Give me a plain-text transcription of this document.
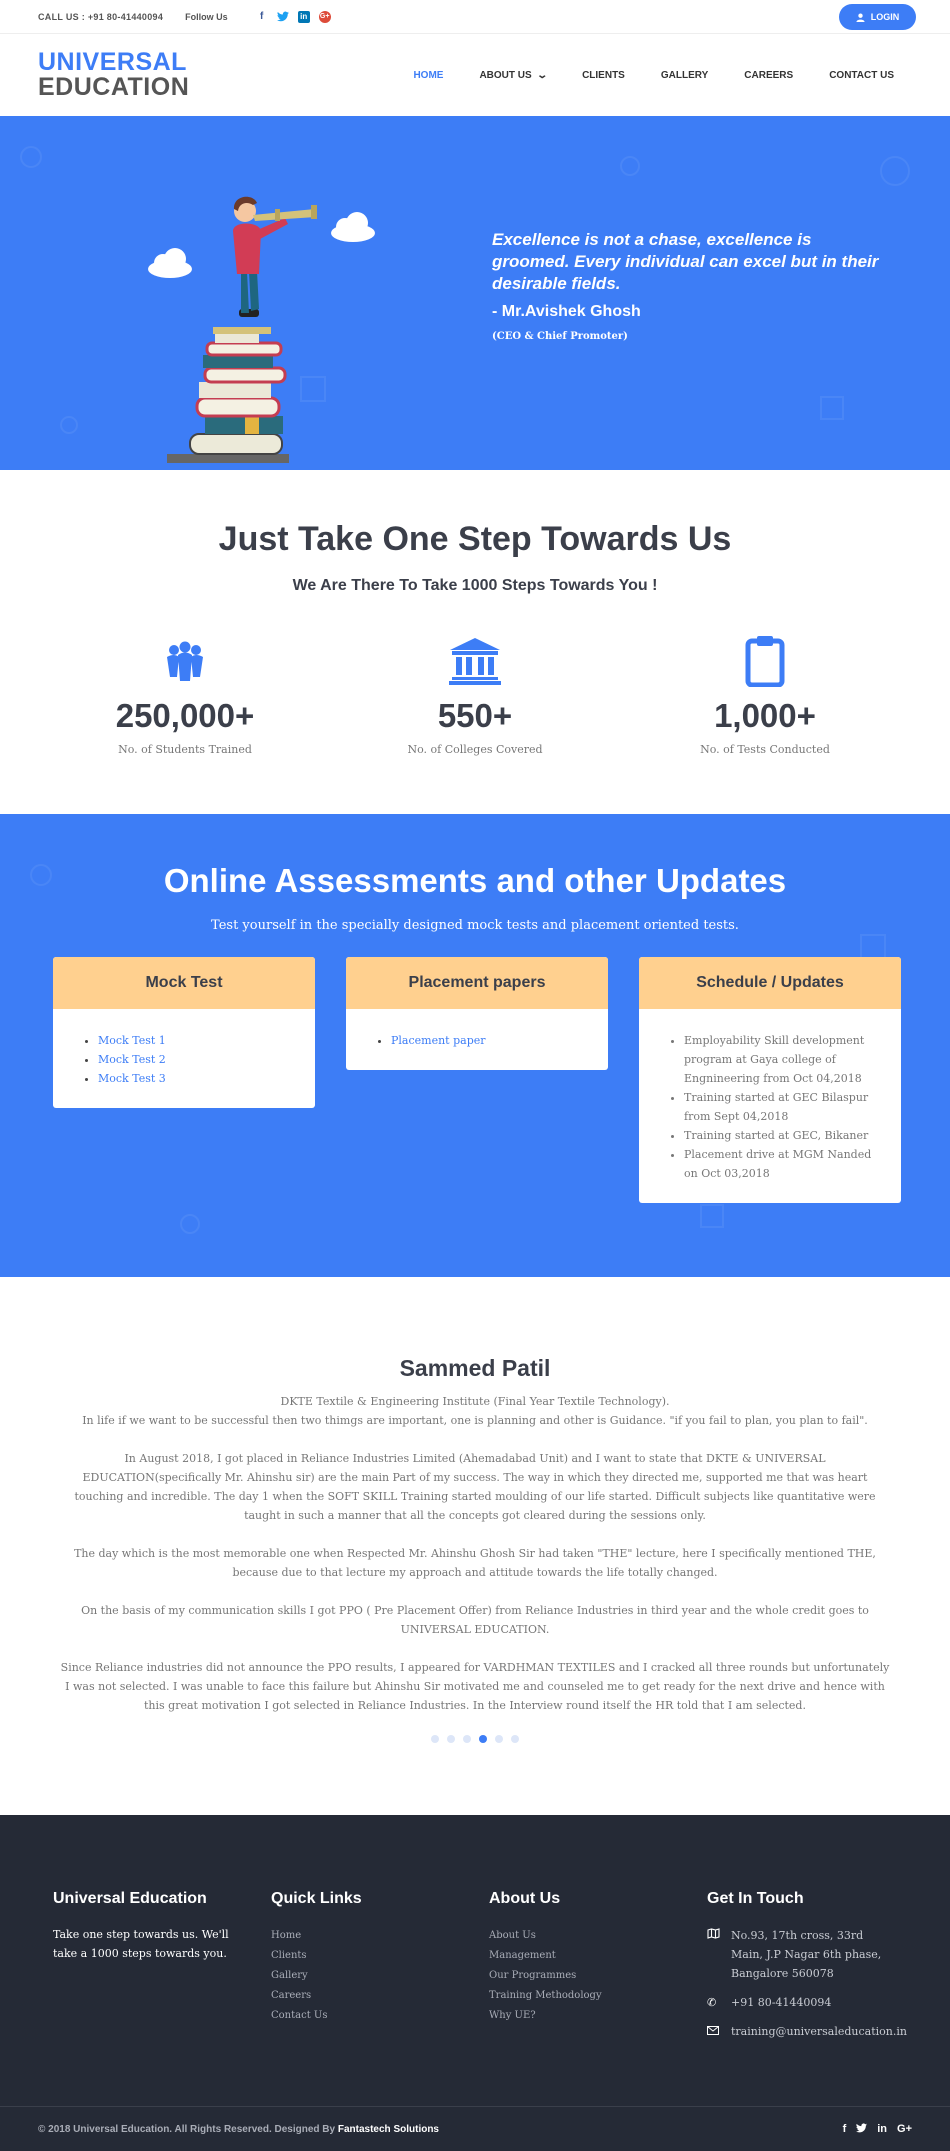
CALL US : +91 80-41440094 Follow Us	f	in	G+	LOGIN
UNIVERSAL
EDUCATION	HOME	ABOUT US ⌄	CLIENTS	GALLERY	CAREERS	CONTACT US
Excellence is not a chase, excellence is groomed. Every individual can excel but in their desirable fields.
- Mr.Avishek Ghosh
(CEO & Chief Promoter)
Just Take One Step Towards Us
We Are There To Take 1000 Steps Towards You !
250,000+
No. of Students Trained
550+
No. of Colleges Covered
1,000+
No. of Tests Conducted
Online Assessments and other Updates

Test yourself in the specially designed mock tests and placement oriented tests.

Mock Test
• Mock Test 1
• Mock Test 2
• Mock Test 3
Placement papers
• Placement paper
Schedule / Updates
• Employability Skill development program at Gaya college of Engnineering from Oct 04,2018
• Training started at GEC Bilaspur from Sept 04,2018
• Training started at GEC, Bikaner
• Placement drive at MGM Nanded on Oct 03,2018
Sammed Patil

DKTE Textile & Engineering Institute (Final Year Textile Technology).

In life if we want to be successful then two thimgs are important, one is planning and other is Guidance. "if you fail to plan, you plan to fail".

In August 2018, I got placed in Reliance Industries Limited (Ahemadabad Unit) and I want to state that DKTE & UNIVERSAL EDUCATION(specifically Mr. Ahinshu sir) are the main Part of my success. The way in which they directed me, supported me that was heart touching and incredible. The day 1 when the SOFT SKILL Training started moulding of our life started. Difficult subjects like quantitative were taught in such a manner that all the concepts got cleared during the sessions only.

The day which is the most memorable one when Respected Mr. Ahinshu Ghosh Sir had taken "THE" lecture, here I specifically mentioned THE, because due to that lecture my approach and attitude towards the life totally changed.

On the basis of my communication skills I got PPO ( Pre Placement Offer) from Reliance Industries in third year and the whole credit goes to UNIVERSAL EDUCATION.

Since Reliance industries did not announce the PPO results, I appeared for VARDHMAN TEXTILES and I cracked all three rounds but unfortunately I was not selected. I was unable to face this failure but Ahinshu Sir motivated me and counseled me to get ready for the next drive and hence with this great motivation I got selected in Reliance Industries. In the Interview round itself the HR told that I am selected.

Universal Education

Take one step towards us. We'll take a 1000 steps towards you.

Quick Links
Home
Clients
Gallery
Careers
Contact Us
About Us
About Us
Management
Our Programmes
Training Methodology
Why UE?
Get In Touch
No.93, 17th cross, 33rd Main, J.P Nagar 6th phase, Bangalore 560078
✆	+91 80-41440094
training@universaleducation.in
© 2018 Universal Education. All Rights Reserved. Designed By Fantastech Solutions	f	in G+
